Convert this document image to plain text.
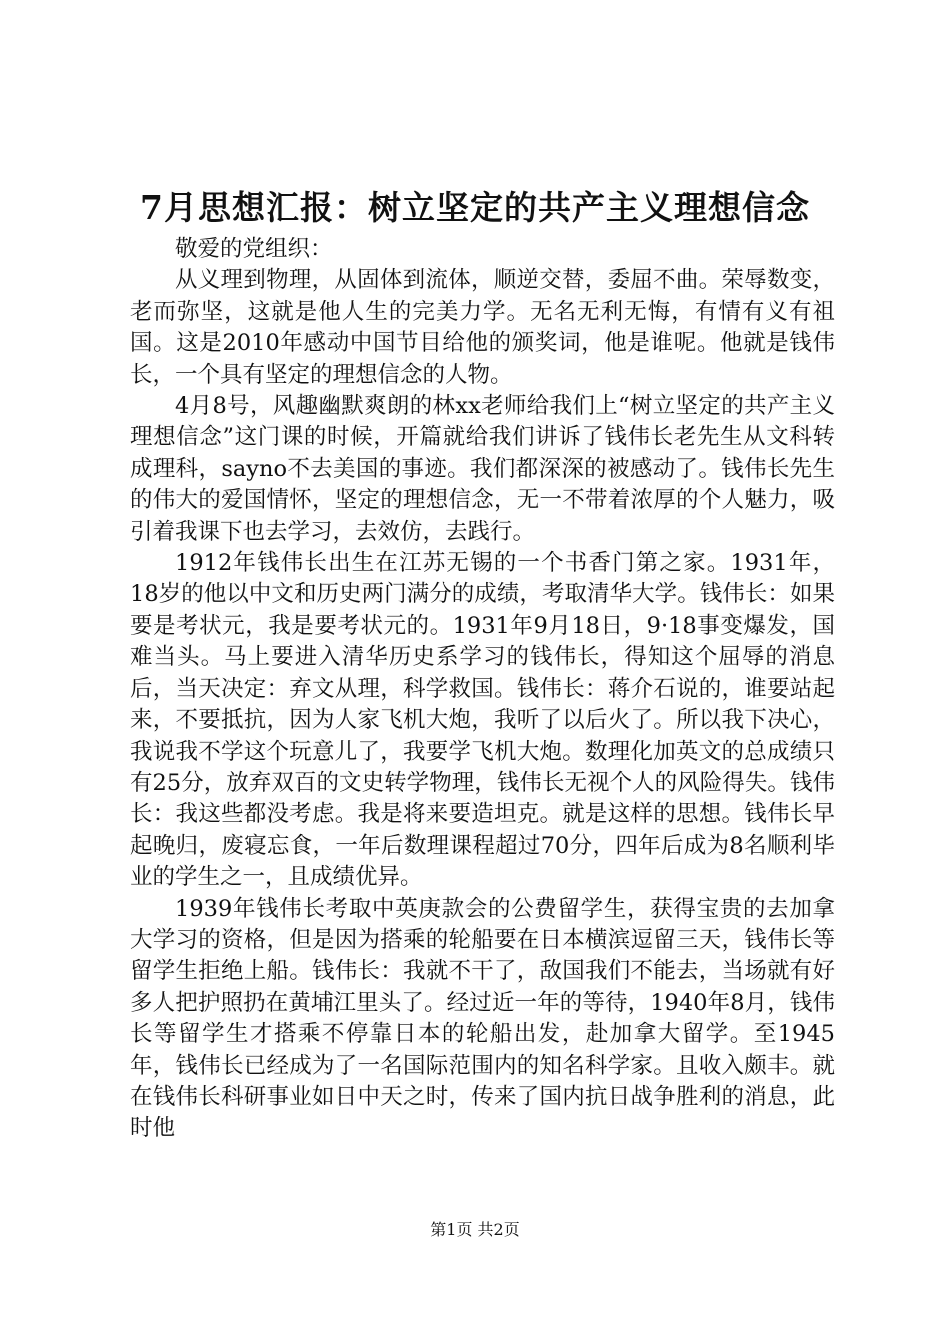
7月思想汇报：树立坚定的共产主义理想信念

敬爱的党组织：

从义理到物理，从固体到流体，顺逆交替，委屈不曲。荣辱数变，老而弥坚，这就是他人生的完美力学。无名无利无悔，有情有义有祖国。这是2010年感动中国节目给他的颁奖词，他是谁呢。他就是钱伟长，一个具有坚定的理想信念的人物。

4月8号，风趣幽默爽朗的林xx老师给我们上“树立坚定的共产主义理想信念”这门课的时候，开篇就给我们讲诉了钱伟长老先生从文科转成理科，sayno不去美国的事迹。我们都深深的被感动了。钱伟长先生的伟大的爱国情怀，坚定的理想信念，无一不带着浓厚的个人魅力，吸引着我课下也去学习，去效仿，去践行。

1912年钱伟长出生在江苏无锡的一个书香门第之家。1931年，18岁的他以中文和历史两门满分的成绩，考取清华大学。钱伟长：如果要是考状元，我是要考状元的。1931年9月18日，9·18事变爆发，国难当头。马上要进入清华历史系学习的钱伟长，得知这个屈辱的消息后，当天决定：弃文从理，科学救国。钱伟长：蒋介石说的，谁要站起来，不要抵抗，因为人家飞机大炮，我听了以后火了。所以我下决心，我说我不学这个玩意儿了，我要学飞机大炮。数理化加英文的总成绩只有25分，放弃双百的文史转学物理，钱伟长无视个人的风险得失。钱伟长：我这些都没考虑。我是将来要造坦克。就是这样的思想。钱伟长早起晚归，废寝忘食，一年后数理课程超过70分，四年后成为8名顺利毕业的学生之一，且成绩优异。

1939年钱伟长考取中英庚款会的公费留学生，获得宝贵的去加拿大学习的资格，但是因为搭乘的轮船要在日本横滨逗留三天，钱伟长等留学生拒绝上船。钱伟长：我就不干了，敌国我们不能去，当场就有好多人把护照扔在黄埔江里头了。经过近一年的等待，1940年8月，钱伟长等留学生才搭乘不停靠日本的轮船出发，赴加拿大留学。至1945年，钱伟长已经成为了一名国际范围内的知名科学家。且收入颇丰。就在钱伟长科研事业如日中天之时，传来了国内抗日战争胜利的消息，此时他

第1页 共2页
